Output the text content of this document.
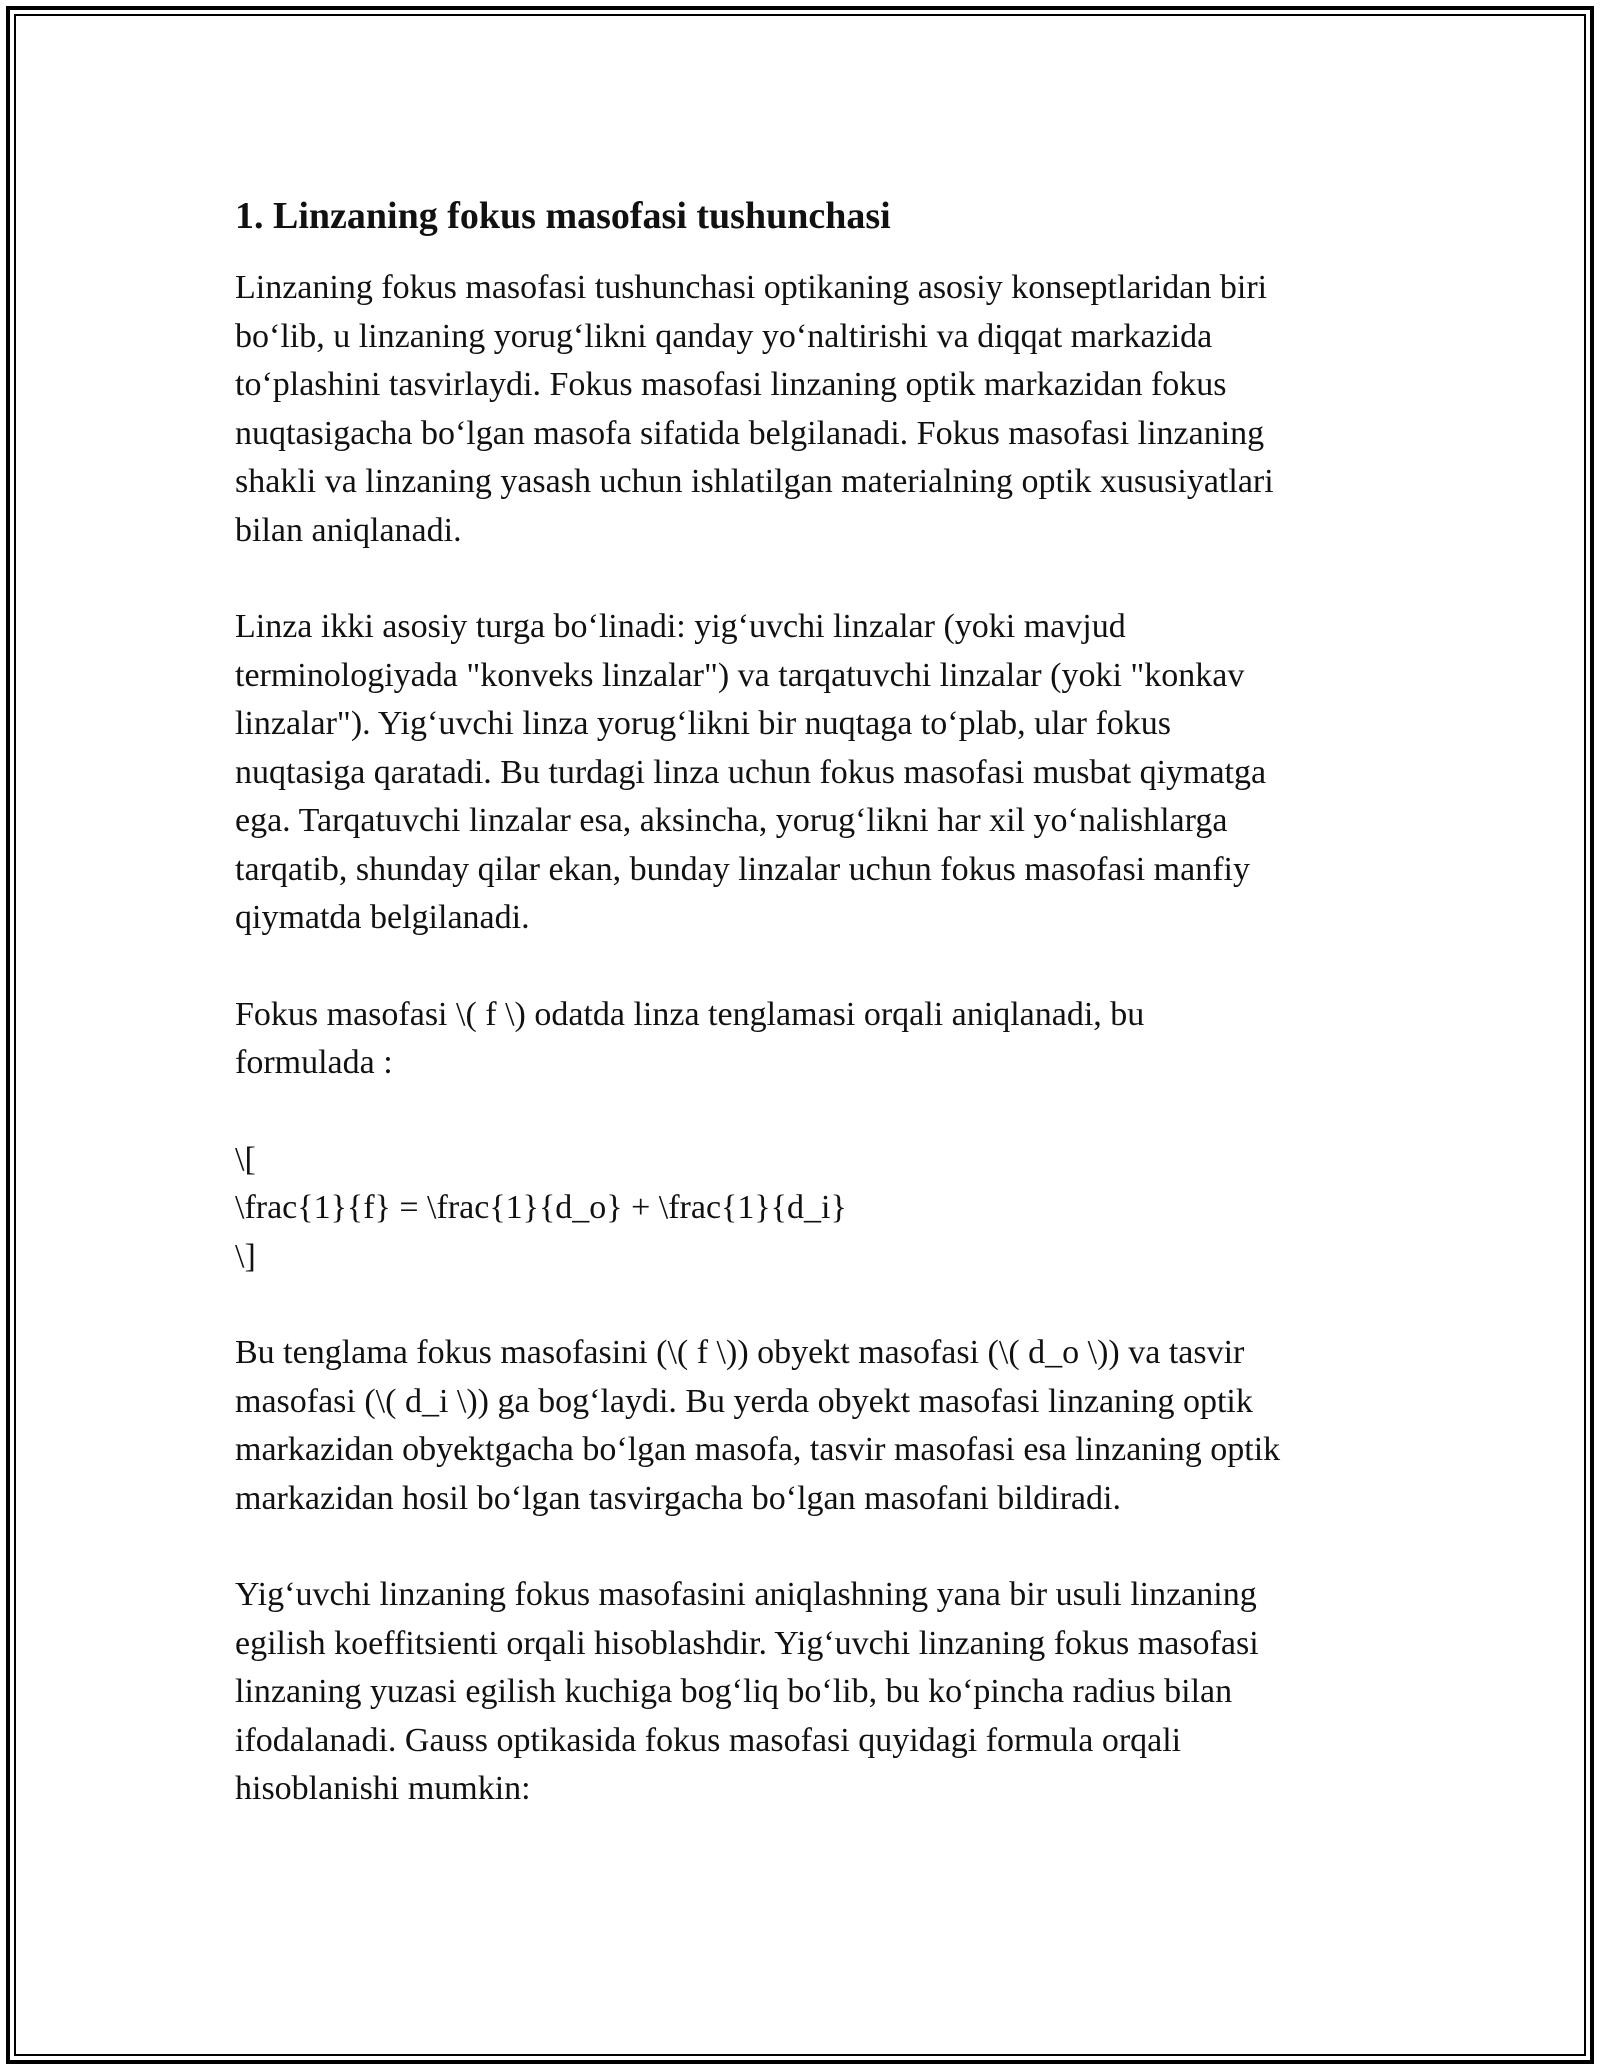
1. Linzaning fokus masofasi tushunchasi

Linzaning fokus masofasi tushunchasi optikaning asosiy konseptlaridan biri
bo‘lib, u linzaning yorug‘likni qanday yo‘naltirishi va diqqat markazida
to‘plashini tasvirlaydi. Fokus masofasi linzaning optik markazidan fokus
nuqtasigacha bo‘lgan masofa sifatida belgilanadi. Fokus masofasi linzaning
shakli va linzaning yasash uchun ishlatilgan materialning optik xususiyatlari
bilan aniqlanadi.

Linza ikki asosiy turga bo‘linadi: yig‘uvchi linzalar (yoki mavjud
terminologiyada "konveks linzalar") va tarqatuvchi linzalar (yoki "konkav
linzalar"). Yig‘uvchi linza yorug‘likni bir nuqtaga to‘plab, ular fokus
nuqtasiga qaratadi. Bu turdagi linza uchun fokus masofasi musbat qiymatga
ega. Tarqatuvchi linzalar esa, aksincha, yorug‘likni har xil yo‘nalishlarga
tarqatib, shunday qilar ekan, bunday linzalar uchun fokus masofasi manfiy
qiymatda belgilanadi.

Fokus masofasi \( f \) odatda linza tenglamasi orqali aniqlanadi, bu
formulada :

\[
\frac{1}{f} = \frac{1}{d_o} + \frac{1}{d_i}
\]

Bu tenglama fokus masofasini (\( f \)) obyekt masofasi (\( d_o \)) va tasvir
masofasi (\( d_i \)) ga bog‘laydi. Bu yerda obyekt masofasi linzaning optik
markazidan obyektgacha bo‘lgan masofa, tasvir masofasi esa linzaning optik
markazidan hosil bo‘lgan tasvirgacha bo‘lgan masofani bildiradi.

Yig‘uvchi linzaning fokus masofasini aniqlashning yana bir usuli linzaning
egilish koeffitsienti orqali hisoblashdir. Yig‘uvchi linzaning fokus masofasi
linzaning yuzasi egilish kuchiga bog‘liq bo‘lib, bu ko‘pincha radius bilan
ifodalanadi. Gauss optikasida fokus masofasi quyidagi formula orqali
hisoblanishi mumkin:
